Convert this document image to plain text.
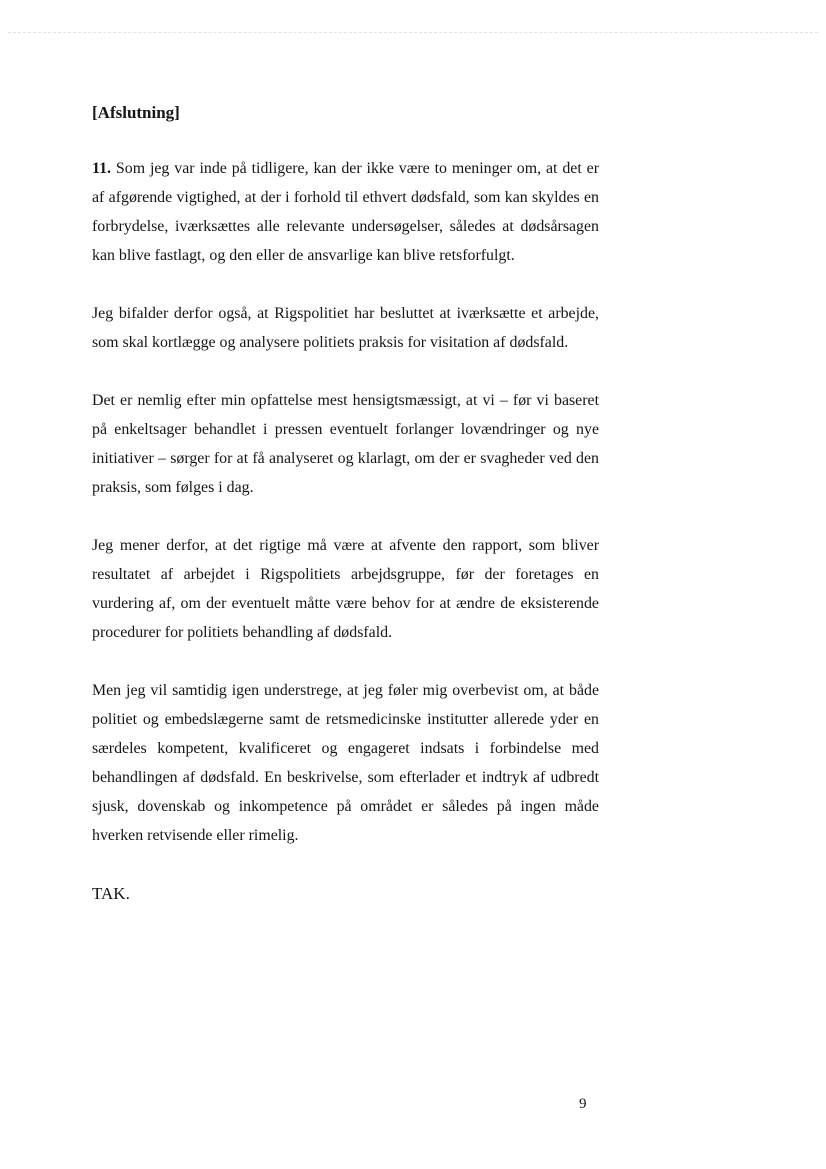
[Afslutning]

11. Som jeg var inde på tidligere, kan der ikke være to meninger om, at det er af afgørende vigtighed, at der i forhold til ethvert dødsfald, som kan skyldes en forbrydelse, iværksættes alle relevante undersøgelser, således at dødsårsagen kan blive fastlagt, og den eller de ansvarlige kan blive retsforfulgt.

Jeg bifalder derfor også, at Rigspolitiet har besluttet at iværksætte et arbejde, som skal kortlægge og analysere politiets praksis for visitation af dødsfald.

Det er nemlig efter min opfattelse mest hensigtsmæssigt, at vi – før vi baseret på enkeltsager behandlet i pressen eventuelt forlanger lovændringer og nye initiativer – sørger for at få analyseret og klarlagt, om der er svagheder ved den praksis, som følges i dag.

Jeg mener derfor, at det rigtige må være at afvente den rapport, som bliver resultatet af arbejdet i Rigspolitiets arbejdsgruppe, før der foretages en vurdering af, om der eventuelt måtte være behov for at ændre de eksisterende procedurer for politiets behandling af dødsfald.

Men jeg vil samtidig igen understrege, at jeg føler mig overbevist om, at både politiet og embedslægerne samt de retsmedicinske institutter allerede yder en særdeles kompetent, kvalificeret og engageret indsats i forbindelse med behandlingen af dødsfald. En beskrivelse, som efterlader et indtryk af udbredt sjusk, dovenskab og inkompetence på området er således på ingen måde hverken retvisende eller rimelig.

TAK.

9
